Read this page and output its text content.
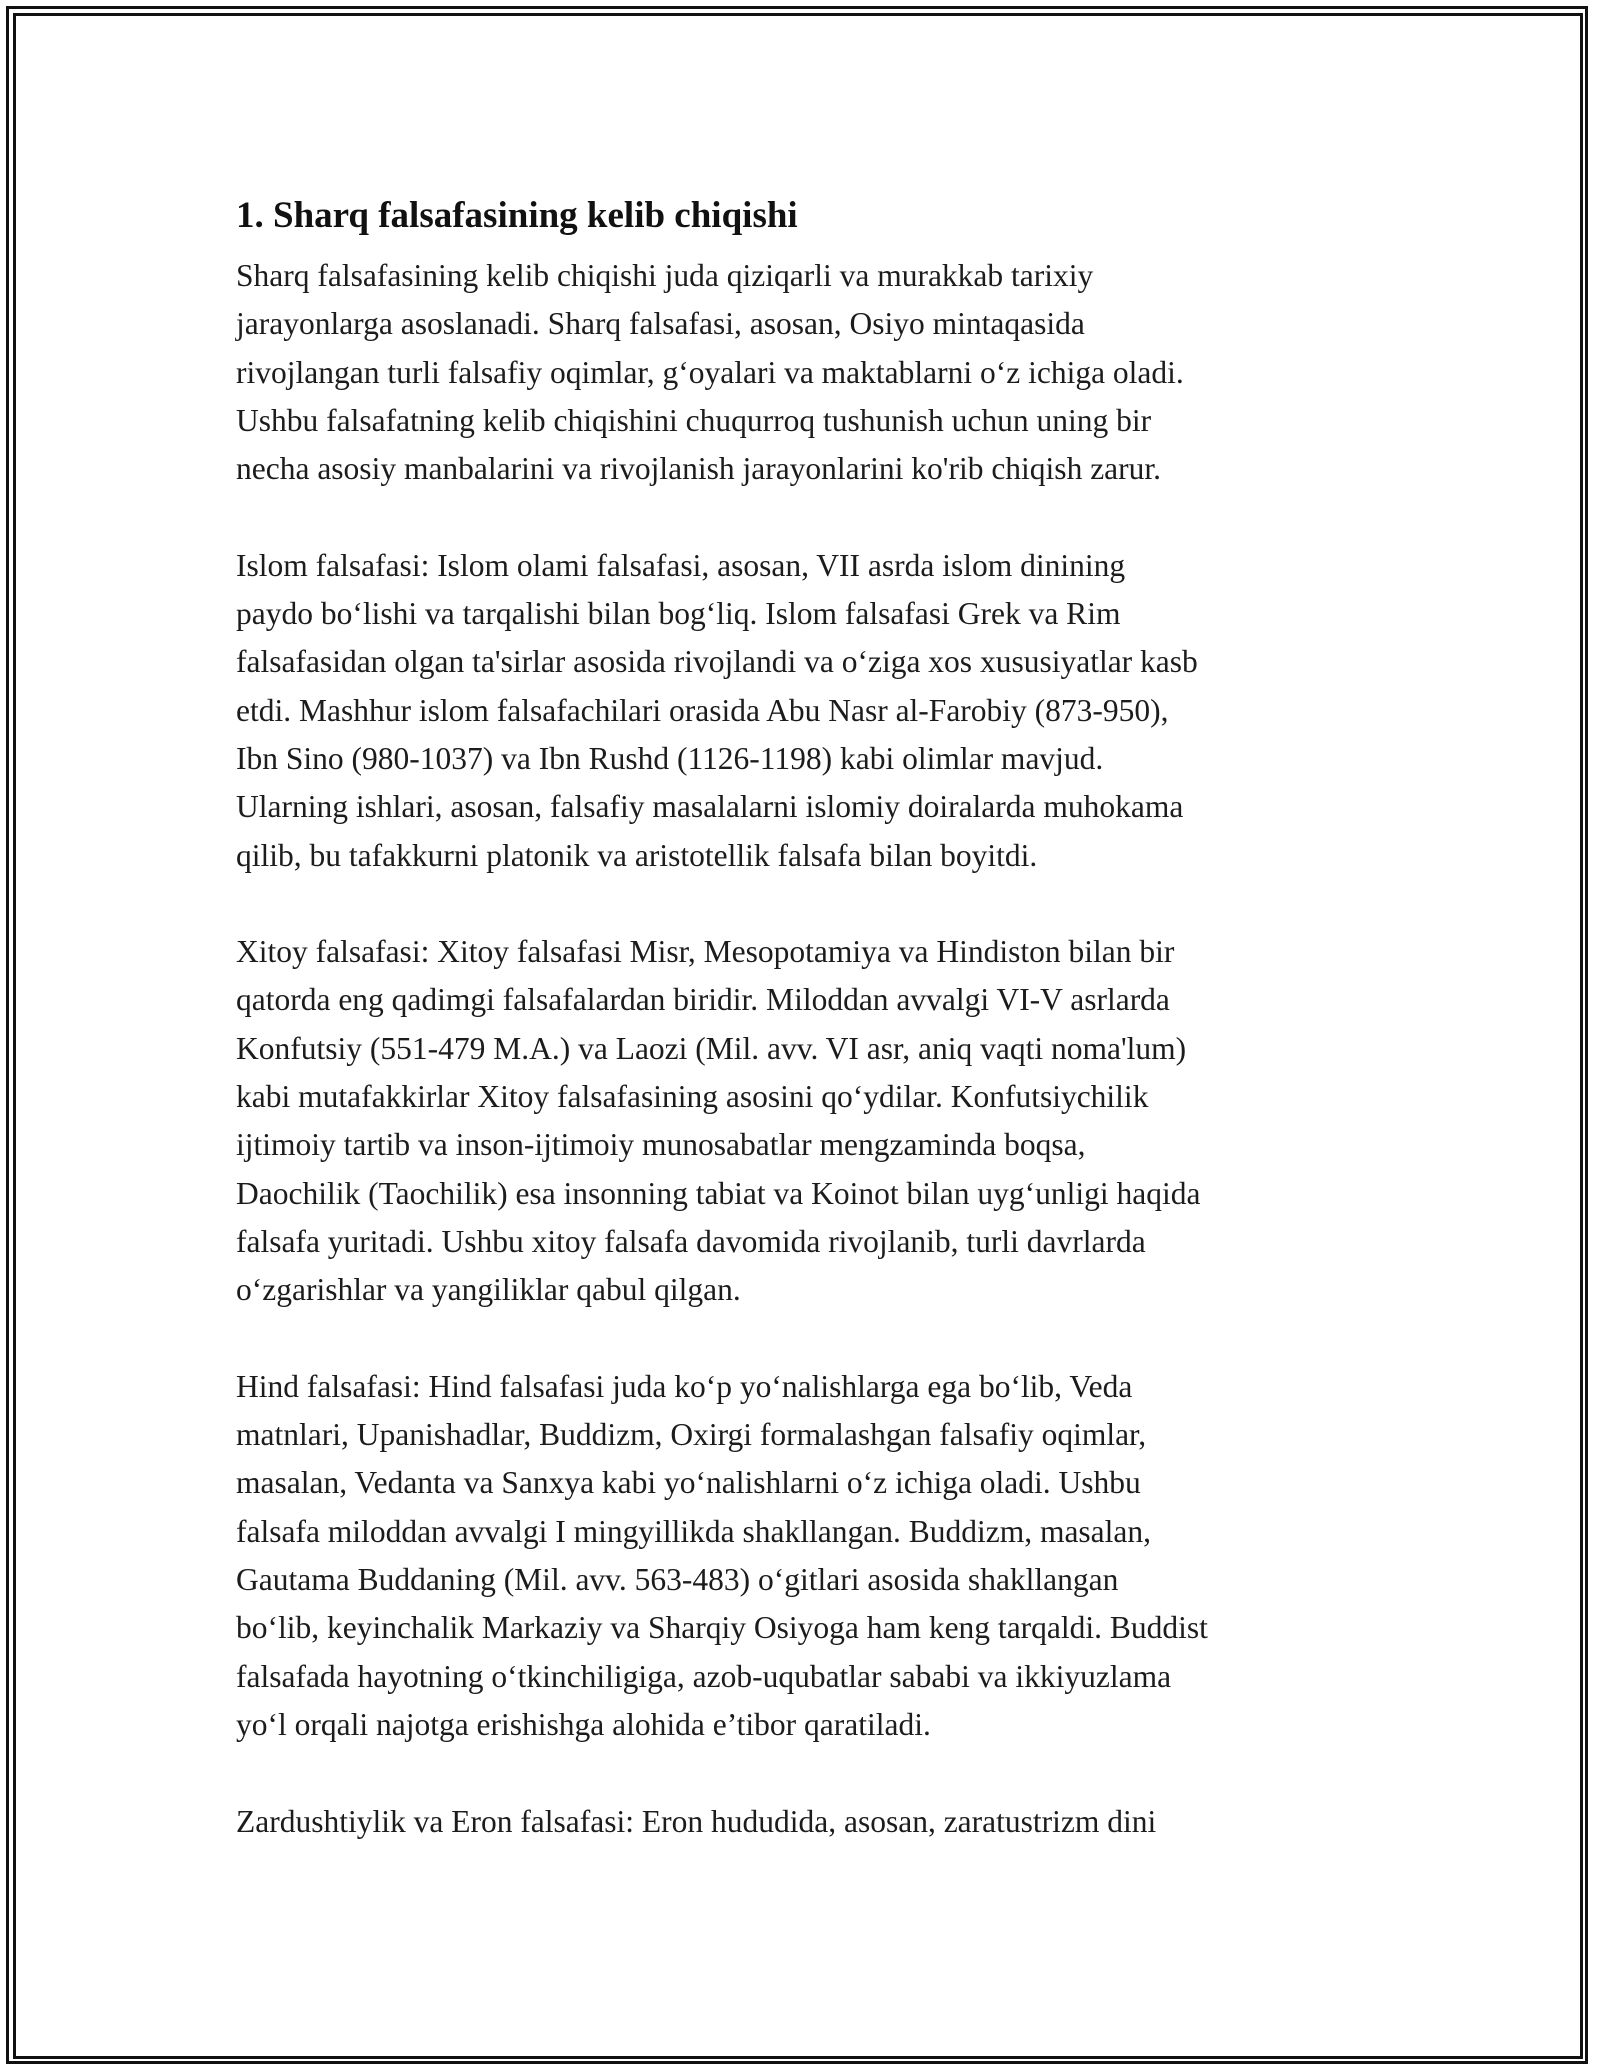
1. Sharq falsafasining kelib chiqishi

Sharq falsafasining kelib chiqishi juda qiziqarli va murakkab tarixiy
jarayonlarga asoslanadi. Sharq falsafasi, asosan, Osiyo mintaqasida
rivojlangan turli falsafiy oqimlar, g‘oyalari va maktablarni o‘z ichiga oladi.
Ushbu falsafatning kelib chiqishini chuqurroq tushunish uchun uning bir
necha asosiy manbalarini va rivojlanish jarayonlarini ko'rib chiqish zarur.

Islom falsafasi: Islom olami falsafasi, asosan, VII asrda islom dinining
paydo bo‘lishi va tarqalishi bilan bog‘liq. Islom falsafasi Grek va Rim
falsafasidan olgan ta'sirlar asosida rivojlandi va o‘ziga xos xususiyatlar kasb
etdi. Mashhur islom falsafachilari orasida Abu Nasr al-Farobiy (873-950),
Ibn Sino (980-1037) va Ibn Rushd (1126-1198) kabi olimlar mavjud.
Ularning ishlari, asosan, falsafiy masalalarni islomiy doiralarda muhokama
qilib, bu tafakkurni platonik va aristotellik falsafa bilan boyitdi.

Xitoy falsafasi: Xitoy falsafasi Misr, Mesopotamiya va Hindiston bilan bir
qatorda eng qadimgi falsafalardan biridir. Miloddan avvalgi VI-V asrlarda
Konfutsiy (551-479 M.A.) va Laozi (Mil. avv. VI asr, aniq vaqti noma'lum)
kabi mutafakkirlar Xitoy falsafasining asosini qo‘ydilar. Konfutsiychilik
ijtimoiy tartib va inson-ijtimoiy munosabatlar mengzaminda boqsa,
Daochilik (Taochilik) esa insonning tabiat va Koinot bilan uyg‘unligi haqida
falsafa yuritadi. Ushbu xitoy falsafa davomida rivojlanib, turli davrlarda
o‘zgarishlar va yangiliklar qabul qilgan.

Hind falsafasi: Hind falsafasi juda ko‘p yo‘nalishlarga ega bo‘lib, Veda
matnlari, Upanishadlar, Buddizm, Oxirgi formalashgan falsafiy oqimlar,
masalan, Vedanta va Sanxya kabi yo‘nalishlarni o‘z ichiga oladi. Ushbu
falsafa miloddan avvalgi I mingyillikda shakllangan. Buddizm, masalan,
Gautama Buddaning (Mil. avv. 563-483) o‘gitlari asosida shakllangan
bo‘lib, keyinchalik Markaziy va Sharqiy Osiyoga ham keng tarqaldi. Buddist
falsafada hayotning o‘tkinchiligiga, azob-uqubatlar sababi va ikkiyuzlama
yo‘l orqali najotga erishishga alohida e’tibor qaratiladi.

Zardushtiylik va Eron falsafasi: Eron hududida, asosan, zaratustrizm dini
